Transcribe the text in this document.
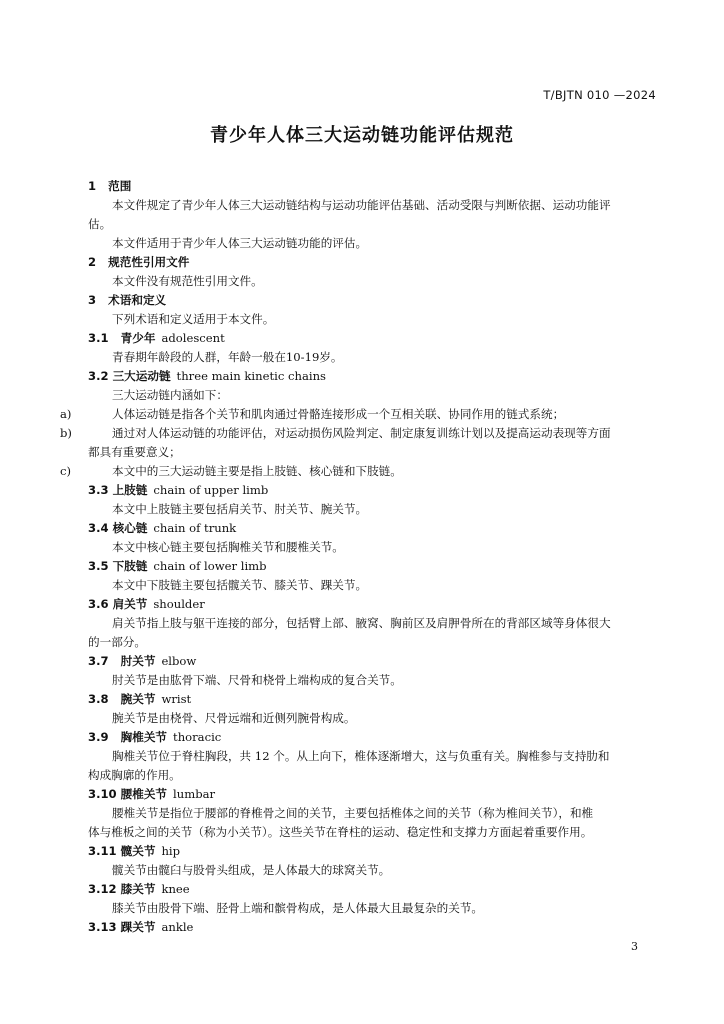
T/BJTN 010 —2024
青少年人体三大运动链功能评估规范
1   范围
本文件规定了青少年人体三大运动链结构与运动功能评估基础、活动受限与判断依据、运动功能评
估。
本文件适用于青少年人体三大运动链功能的评估。
2   规范性引用文件
本文件没有规范性引用文件。
3   术语和定义
下列术语和定义适用于本文件。
3.1   青少年 adolescent
青春期年龄段的人群，年龄一般在10-19岁。
3.2 三大运动链 three main kinetic chains
三大运动链内涵如下：
a)	人体运动链是指各个关节和肌肉通过骨骼连接形成一个互相关联、协同作用的链式系统；
b)	通过对人体运动链的功能评估，对运动损伤风险判定、制定康复训练计划以及提高运动表现等方面
都具有重要意义；
c)	本文中的三大运动链主要是指上肢链、核心链和下肢链。
3.3 上肢链 chain of upper limb
本文中上肢链主要包括肩关节、肘关节、腕关节。
3.4 核心链 chain of trunk
本文中核心链主要包括胸椎关节和腰椎关节。
3.5 下肢链 chain of lower limb
本文中下肢链主要包括髋关节、膝关节、踝关节。
3.6 肩关节 shoulder
肩关节指上肢与躯干连接的部分，包括臂上部、腋窝、胸前区及肩胛骨所在的背部区域等身体很大
的一部分。
3.7   肘关节 elbow
肘关节是由肱骨下端、尺骨和桡骨上端构成的复合关节。
3.8   腕关节 wrist
腕关节是由桡骨、尺骨远端和近侧列腕骨构成。
3.9   胸椎关节 thoracic
胸椎关节位于脊柱胸段，共 12 个。从上向下，椎体逐渐增大，这与负重有关。胸椎参与支持肋和
构成胸廓的作用。
3.10 腰椎关节 lumbar
腰椎关节是指位于腰部的脊椎骨之间的关节，主要包括椎体之间的关节（称为椎间关节），和椎
体与椎板之间的关节（称为小关节）。这些关节在脊柱的运动、稳定性和支撑力方面起着重要作用。
3.11 髋关节 hip
髋关节由髋臼与股骨头组成，是人体最大的球窝关节。
3.12 膝关节 knee
膝关节由股骨下端、胫骨上端和髌骨构成，是人体最大且最复杂的关节。
3.13 踝关节 ankle
3
